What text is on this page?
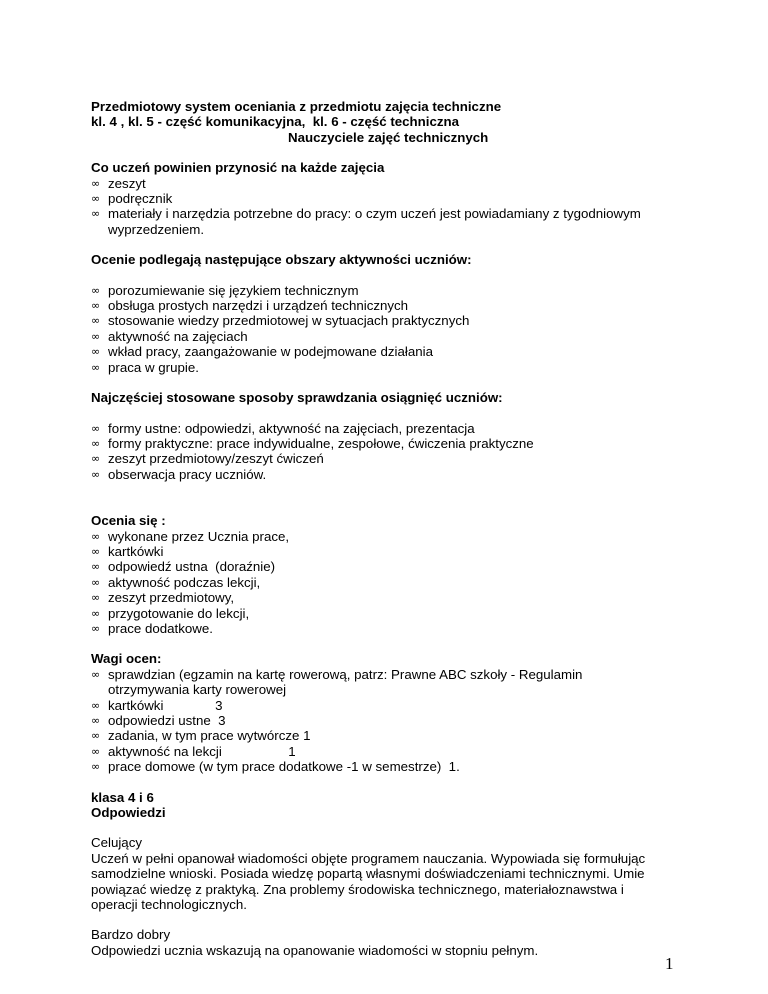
Przedmiotowy system oceniania z przedmiotu zajęcia techniczne
kl. 4 , kl. 5 - część komunikacyjna,  kl. 6 - część techniczna
Nauczyciele zajęć technicznych
Co uczeń powinien przynosić na każde zajęcia
∞ zeszyt
∞ podręcznik
∞ materiały i narzędzia potrzebne do pracy: o czym uczeń jest powiadamiany z tygodniowym wyprzedzeniem.
Ocenie podlegają następujące obszary aktywności uczniów:
∞ porozumiewanie się językiem technicznym
∞ obsługa prostych narzędzi i urządzeń technicznych
∞ stosowanie wiedzy przedmiotowej w sytuacjach praktycznych
∞ aktywność na zajęciach
∞ wkład pracy, zaangażowanie w podejmowane działania
∞ praca w grupie.
Najczęściej stosowane sposoby sprawdzania osiągnięć uczniów:
∞ formy ustne: odpowiedzi, aktywność na zajęciach, prezentacja
∞ formy praktyczne: prace indywidualne, zespołowe, ćwiczenia praktyczne
∞ zeszyt przedmiotowy/zeszyt ćwiczeń
∞ obserwacja pracy uczniów.
Ocenia się :
∞ wykonane przez Ucznia prace,
∞ kartkówki
∞ odpowiedź ustna  (doraźnie)
∞ aktywność podczas lekcji,
∞ zeszyt przedmiotowy,
∞ przygotowanie do lekcji,
∞ prace dodatkowe.
Wagi ocen:
∞ sprawdzian (egzamin na kartę rowerową, patrz: Prawne ABC szkoły - Regulamin otrzymywania karty rowerowej
∞ kartkówki              3
∞ odpowiedzi ustne  3
∞ zadania, w tym prace wytwórcze 1
∞ aktywność na lekcji                  1
∞ prace domowe (w tym prace dodatkowe -1 w semestrze)  1.
klasa 4 i 6
Odpowiedzi
Celujący

Uczeń w pełni opanował wiadomości objęte programem nauczania. Wypowiada się formułując samodzielne wnioski. Posiada wiedzę popartą własnymi doświadczeniami technicznymi. Umie powiązać wiedzę z praktyką. Zna problemy środowiska technicznego, materiałoznawstwa i operacji technologicznych.

Bardzo dobry

Odpowiedzi ucznia wskazują na opanowanie wiadomości w stopniu pełnym.

1
